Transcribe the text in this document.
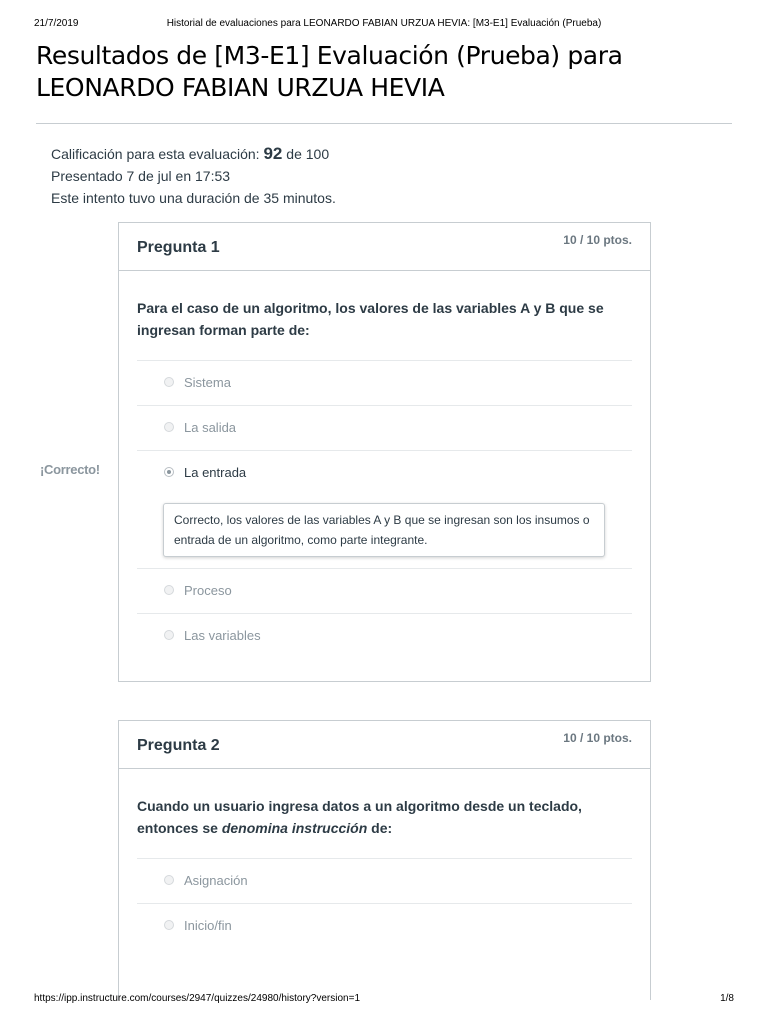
21/7/2019	Historial de evaluaciones para LEONARDO FABIAN URZUA HEVIA: [M3-E1] Evaluación (Prueba)
Resultados de [M3-E1] Evaluación (Prueba) para
LEONARDO FABIAN URZUA HEVIA
Calificación para esta evaluación: 92 de 100
Presentado 7 de jul en 17:53
Este intento tuvo una duración de 35 minutos.
¡Correcto!
Pregunta 1	10 / 10 ptos.
Para el caso de un algoritmo, los valores de las variables A y B que se ingresan forman parte de:
Sistema
La salida
La entrada
Correcto, los valores de las variables A y B que se ingresan son los insumos o entrada de un algoritmo, como parte integrante.
Proceso
Las variables
Pregunta 2	10 / 10 ptos.
Cuando un usuario ingresa datos a un algoritmo desde un teclado, entonces se denomina instrucción de:
Asignación
Inicio/fin
https://ipp.instructure.com/courses/2947/quizzes/24980/history?version=1	1/8
